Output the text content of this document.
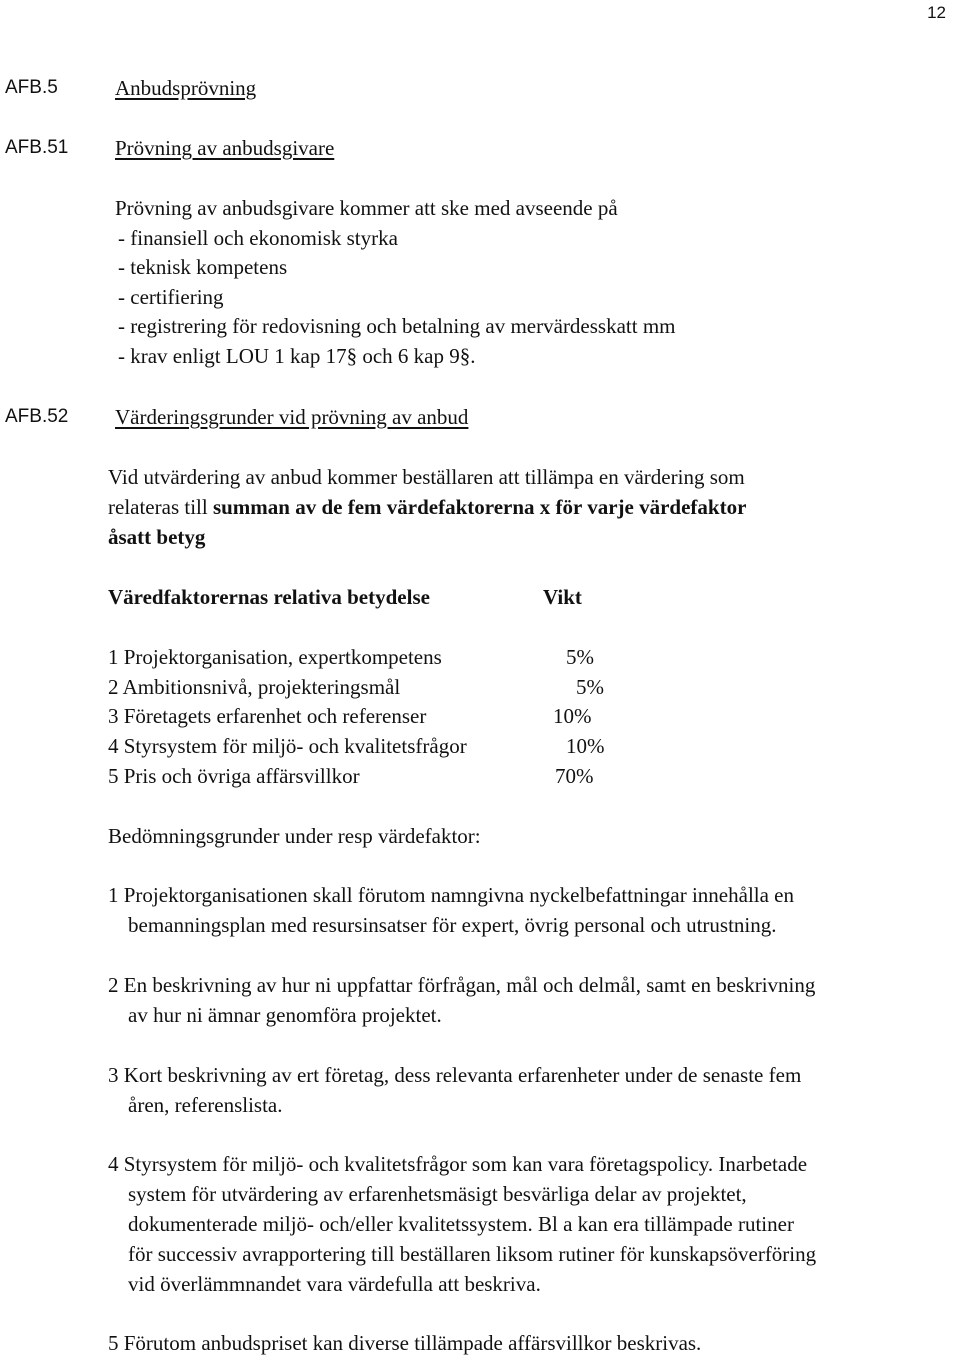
12
AFB.5	Anbudsprövning
AFB.51 Prövning av anbudsgivare
Prövning av anbudsgivare kommer att ske med avseende på
- finansiell och ekonomisk styrka
- teknisk kompetens
- certifiering
- registrering för redovisning och betalning av mervärdesskatt mm
- krav enligt LOU 1 kap 17§ och 6 kap 9§.
AFB.52 Värderingsgrunder vid prövning av anbud
Vid utvärdering av anbud kommer beställaren att tillämpa en värdering som
relateras till summan av de fem värdefaktorerna x för varje värdefaktor
åsatt betyg
Väredfaktorernas relativa betydelse	Vikt
1 Projektorganisation, expertkompetens	5%
2 Ambitionsnivå, projekteringsmål	5%
3 Företagets erfarenhet och referenser	10%
4 Styrsystem för miljö- och kvalitetsfrågor	10%
5 Pris och övriga affärsvillkor	70%
Bedömningsgrunder under resp värdefaktor:
1 Projektorganisationen skall förutom namngivna nyckelbefattningar innehålla en
bemanningsplan med resursinsatser för expert, övrig personal och utrustning.
2 En beskrivning av hur ni uppfattar förfrågan, mål och delmål, samt en beskrivning
av hur ni ämnar genomföra projektet.
3 Kort beskrivning av ert företag, dess relevanta erfarenheter under de senaste fem
åren, referenslista.
4 Styrsystem för miljö- och kvalitetsfrågor som kan vara företagspolicy. Inarbetade
system för utvärdering av erfarenhetsmäsigt besvärliga delar av projektet,
dokumenterade miljö- och/eller kvalitetssystem. Bl a kan era tillämpade rutiner
för successiv avrapportering till beställaren liksom rutiner för kunskapsöverföring
vid överlämmnandet vara värdefulla att beskriva.
5 Förutom anbudspriset kan diverse tillämpade affärsvillkor beskrivas.
